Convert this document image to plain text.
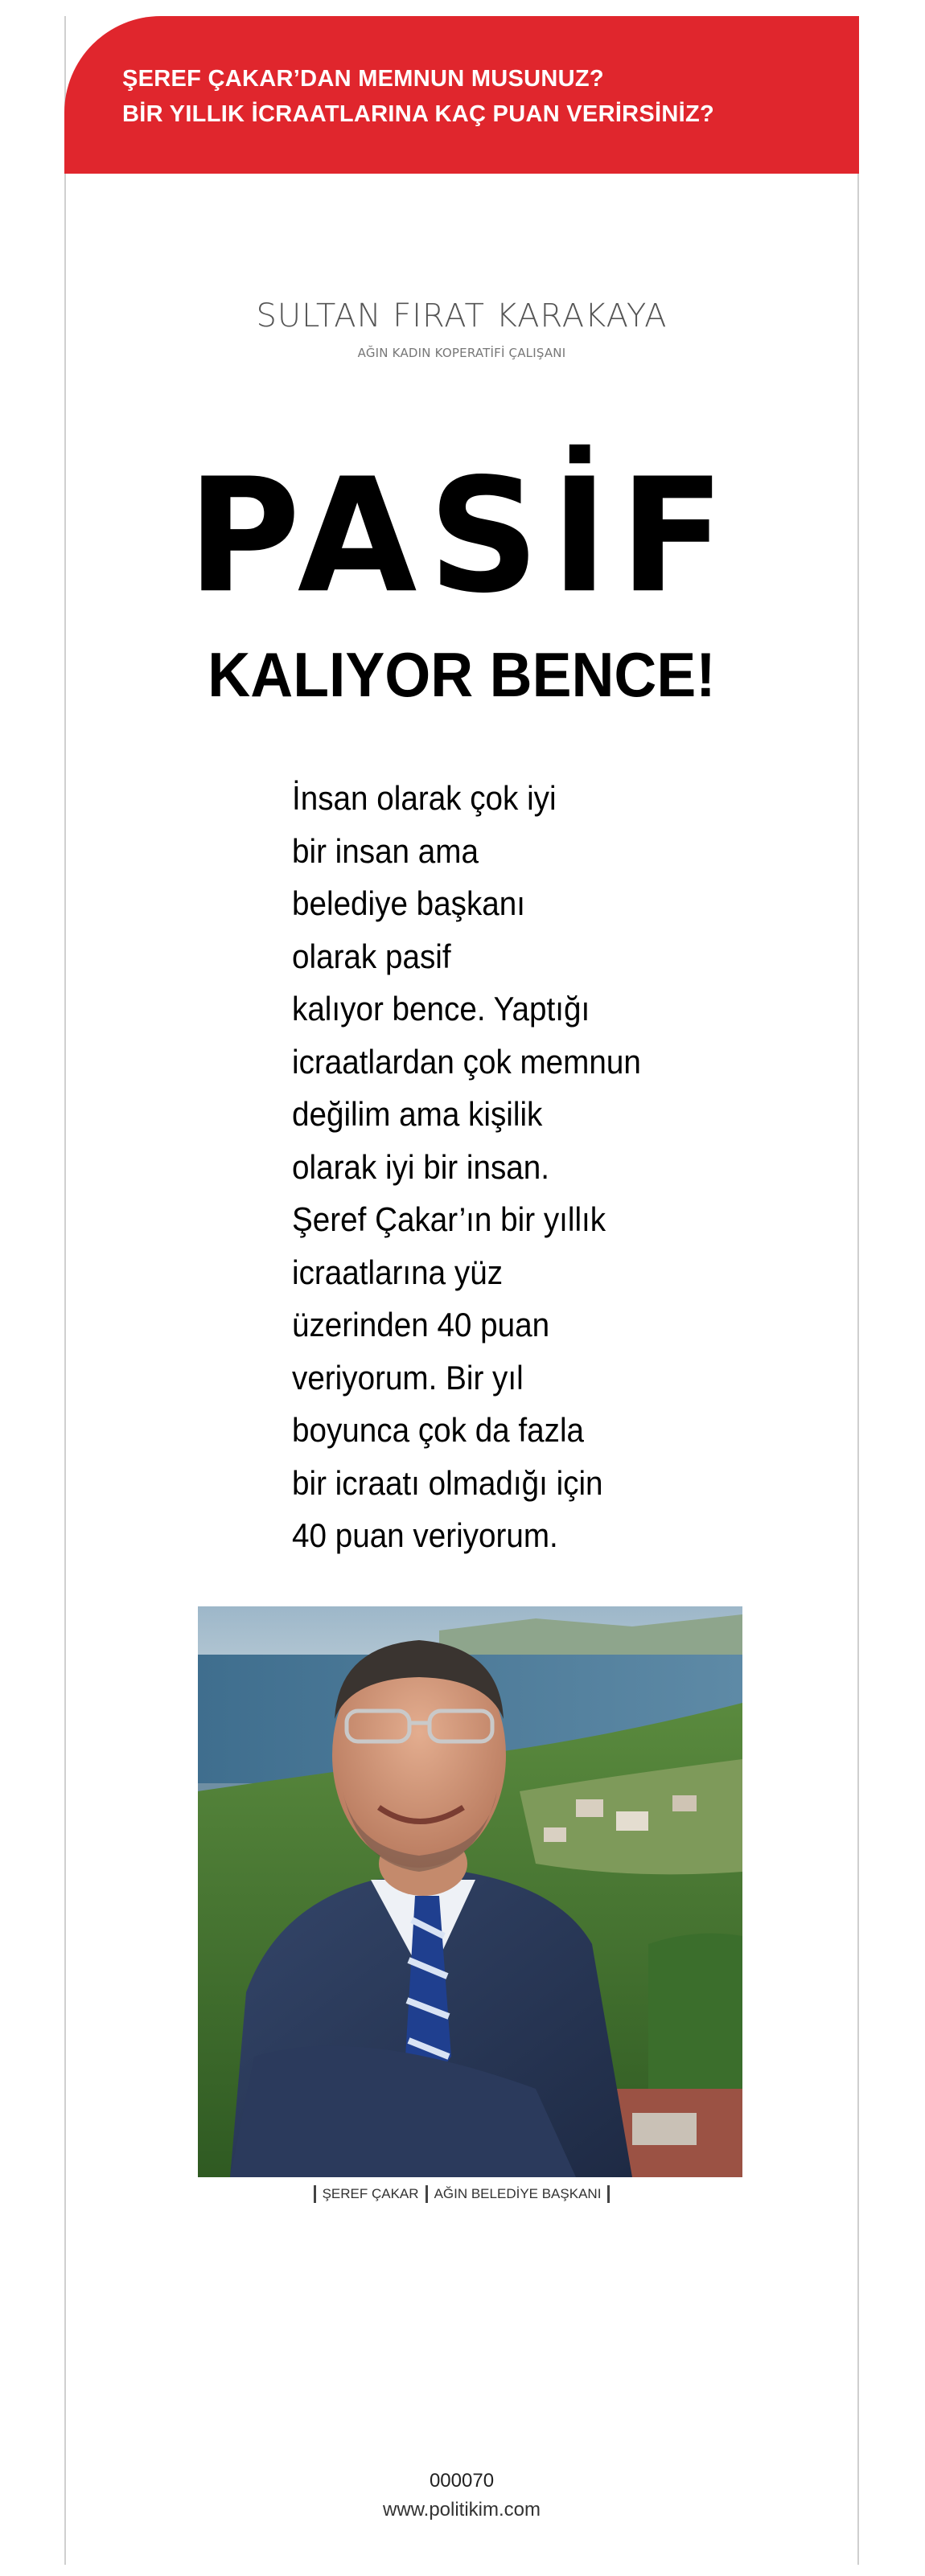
ŞEREF ÇAKAR’DAN MEMNUN MUSUNUZ?
BİR YILLIK İCRAATLARINA KAÇ PUAN VERİRSİNİZ?
SULTAN FIRAT KARAKAYA
AĞIN KADIN KOPERATİFİ ÇALIŞANI
PASİF
KALIYOR BENCE!
İnsan olarak çok iyi
bir insan ama
belediye başkanı
olarak pasif
kalıyor bence. Yaptığı
icraatlardan çok memnun
değilim ama kişilik
olarak iyi bir insan.
Şeref Çakar’ın bir yıllık
icraatlarına yüz
üzerinden 40 puan
veriyorum. Bir yıl
boyunca çok da fazla
bir icraatı olmadığı için
40 puan veriyorum.
ŞEREF ÇAKAR AĞIN BELEDİYE BAŞKANI
000070
www.politikim.com
